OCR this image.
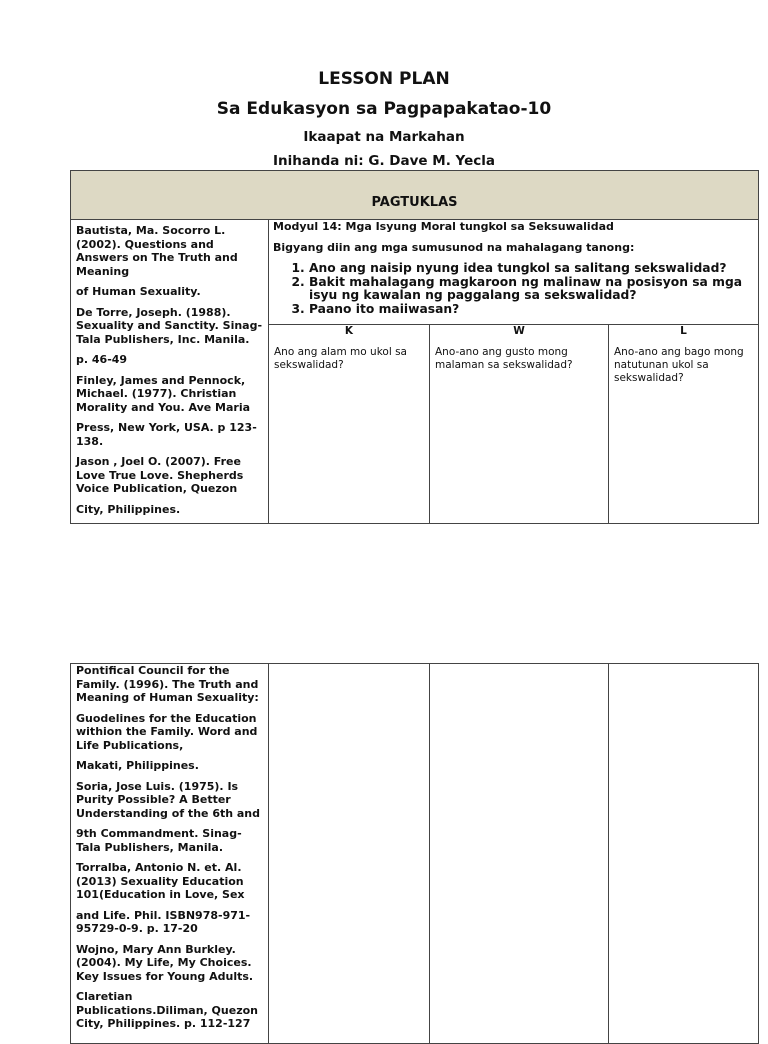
LESSON PLAN
Sa Edukasyon sa Pagpapakatao-10
Ikaapat na Markahan
Inihanda ni: G. Dave M. Yecla
PAGTUKLAS

Bautista, Ma. Socorro L. (2002). Questions and Answers on The Truth and Meaning

of Human Sexuality.

De Torre, Joseph. (1988). Sexuality and Sanctity. Sinag-Tala Publishers, Inc. Manila.

p. 46-49

Finley, James and Pennock, Michael. (1977). Christian Morality and You. Ave Maria

Press, New York, USA. p 123-138.

Jason , Joel O. (2007). Free Love True Love. Shepherds Voice Publication, Quezon

City, Philippines.

Modyul 14: Mga Isyung Moral tungkol sa Seksuwalidad
Bigyang diin ang mga sumusunod na mahalagang tanong:
1. Ano ang naisip nyung idea tungkol sa salitang sekswalidad?
2. Bakit mahalagang magkaroon ng malinaw na posisyon sa mga isyu ng kawalan ng paggalang sa sekswalidad?
3. Paano ito maiiwasan?
K
Ano ang alam mo ukol sa sekswalidad?
W
Ano-ano ang gusto mong malaman sa sekswalidad?
L
Ano-ano ang bago mong natutunan ukol sa sekswalidad?

Pontifical Council for the Family. (1996). The Truth and Meaning of Human Sexuality:

Guodelines for the Education withion the Family. Word and Life Publications,

Makati, Philippines.

Soria, Jose Luis. (1975). Is Purity Possible? A Better Understanding of the 6th and

9th Commandment. Sinag-Tala Publishers, Manila.

Torralba, Antonio N. et. Al. (2013) Sexuality Education 101(Education in Love, Sex

and Life. Phil. ISBN978-971-95729-0-9. p. 17-20

Wojno, Mary Ann Burkley. (2004). My Life, My Choices. Key Issues for Young Adults.

Claretian Publications.Diliman, Quezon City, Philippines. p. 112-127
